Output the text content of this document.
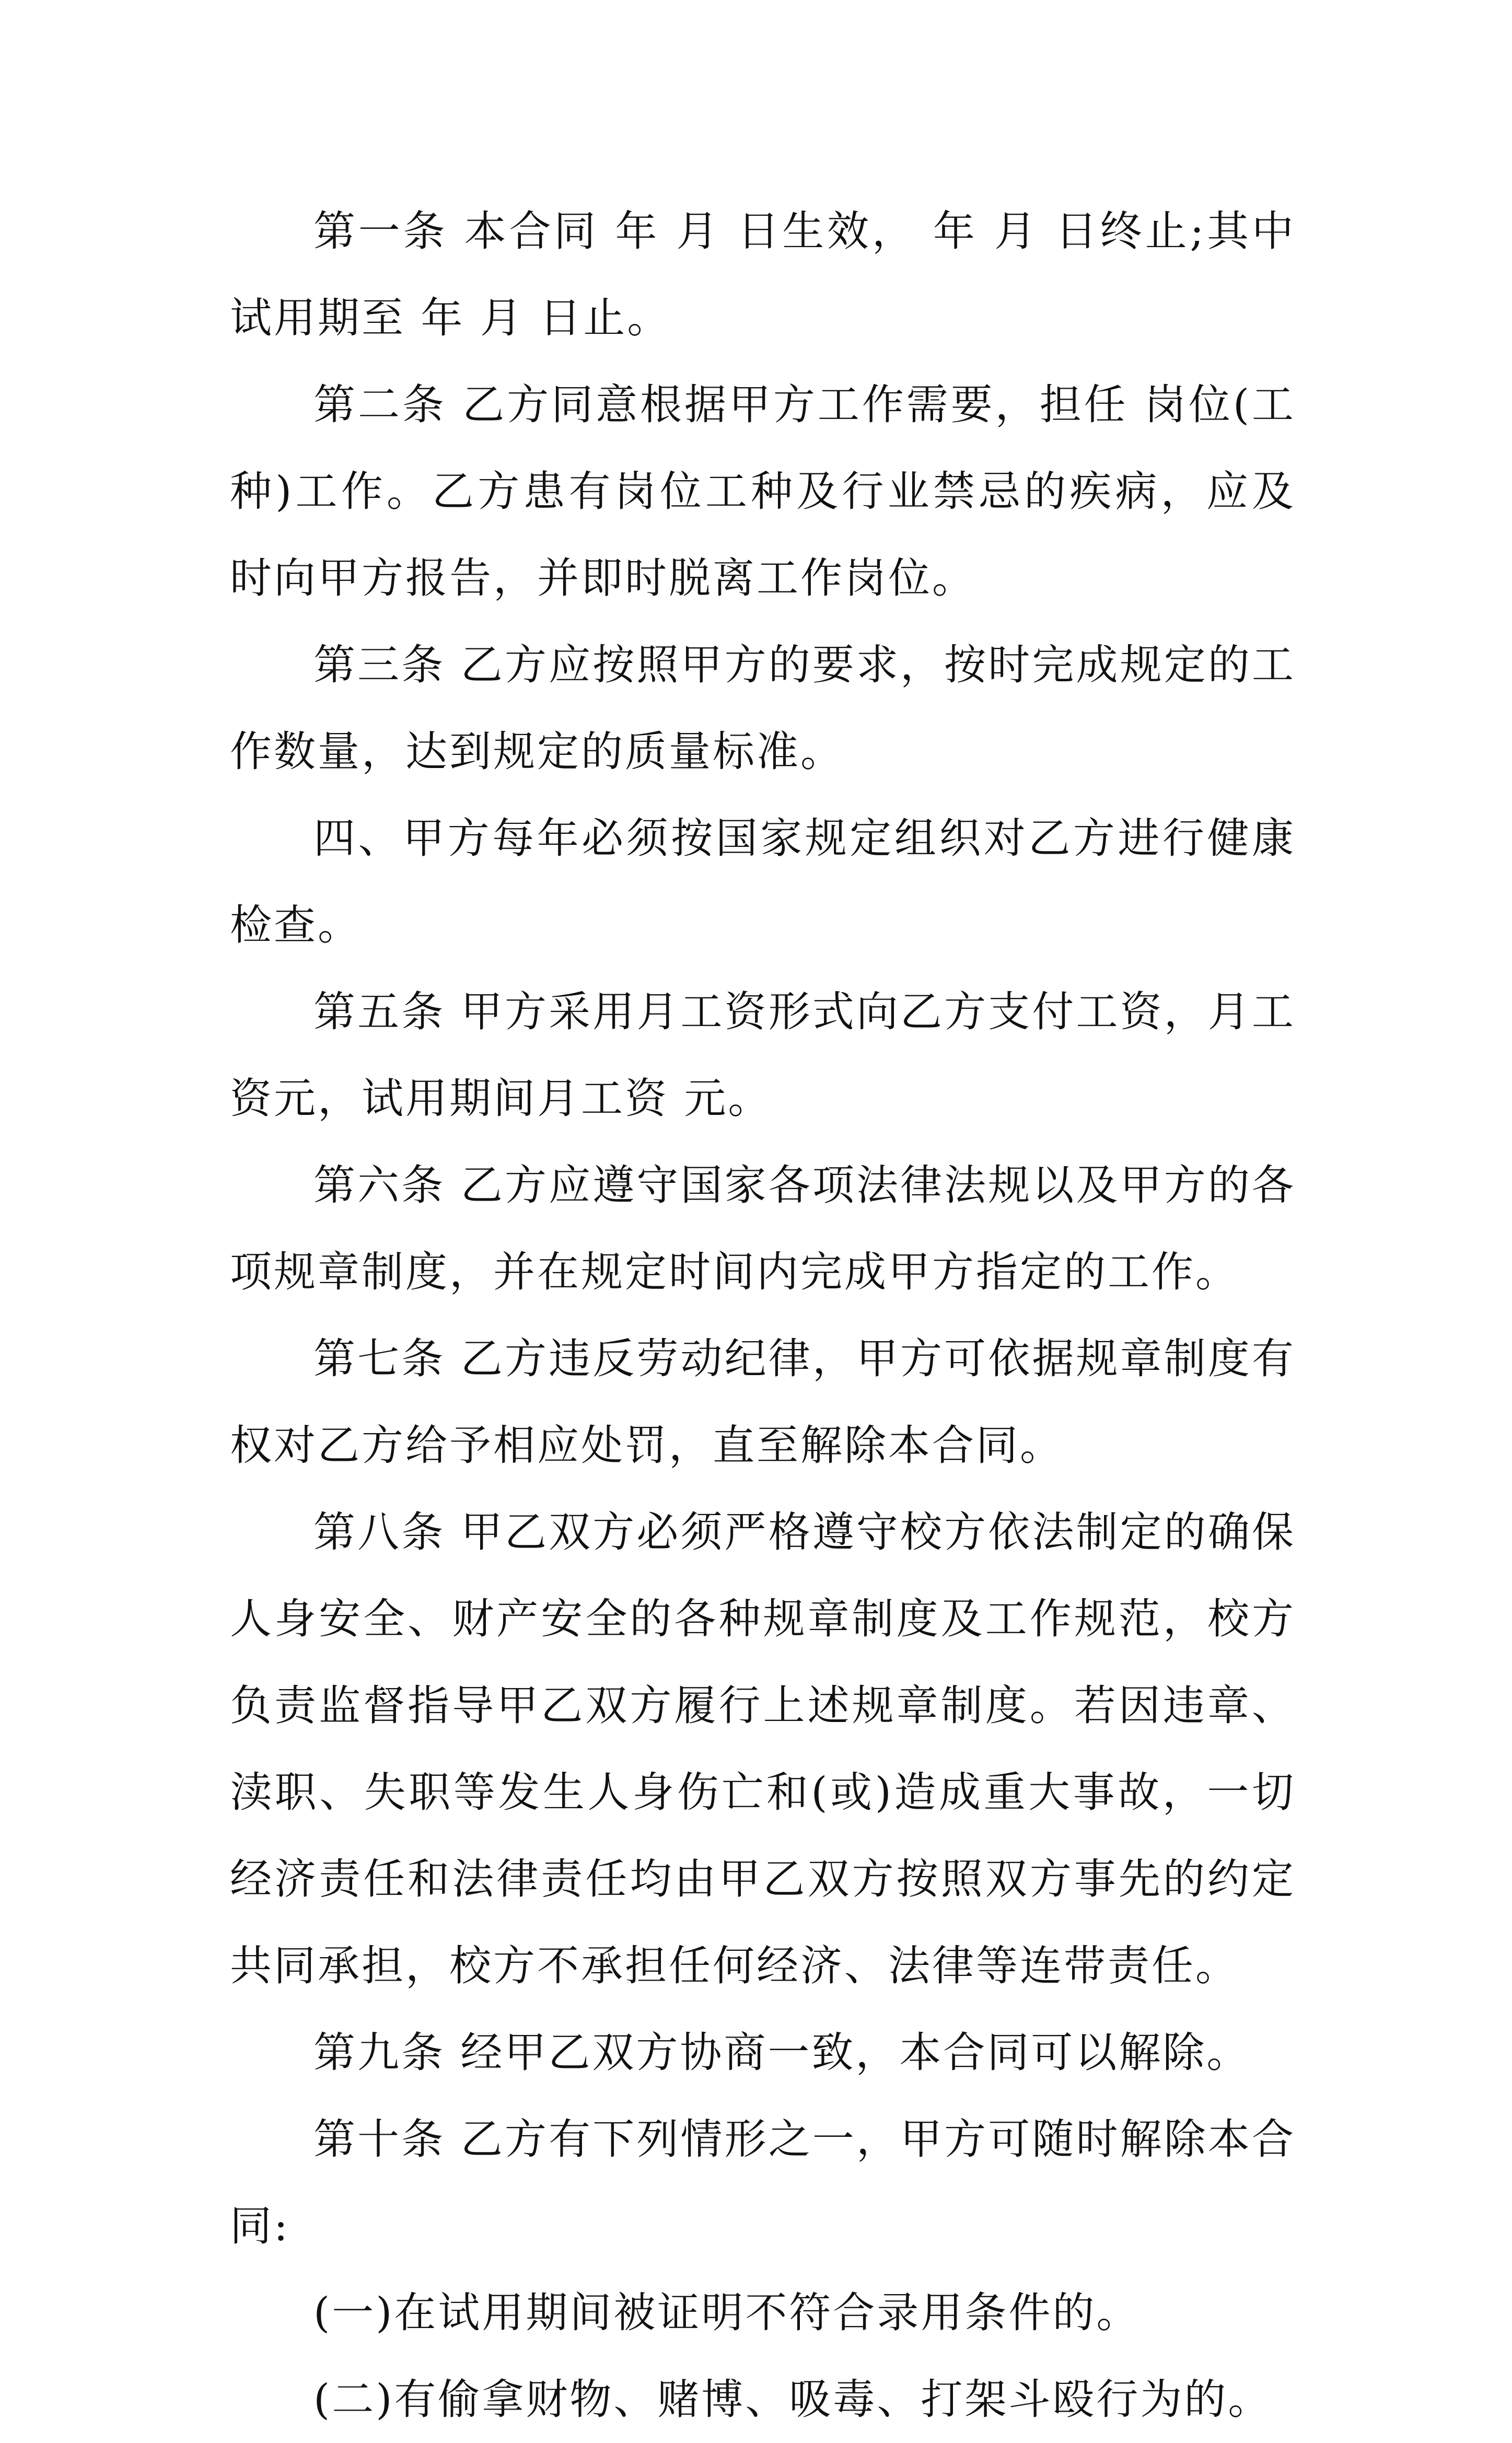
第一条 本合同 年 月 日生效， 年 月 日终止;其中试用期至 年 月 日止。

第二条 乙方同意根据甲方工作需要，担任 岗位(工种)工作。乙方患有岗位工种及行业禁忌的疾病，应及时向甲方报告，并即时脱离工作岗位。

第三条 乙方应按照甲方的要求，按时完成规定的工作数量，达到规定的质量标准。

四、甲方每年必须按国家规定组织对乙方进行健康检查。

第五条 甲方采用月工资形式向乙方支付工资，月工资元，试用期间月工资 元。

第六条 乙方应遵守国家各项法律法规以及甲方的各项规章制度，并在规定时间内完成甲方指定的工作。

第七条 乙方违反劳动纪律，甲方可依据规章制度有权对乙方给予相应处罚，直至解除本合同。

第八条 甲乙双方必须严格遵守校方依法制定的确保人身安全、财产安全的各种规章制度及工作规范，校方负责监督指导甲乙双方履行上述规章制度。若因违章、渎职、失职等发生人身伤亡和(或)造成重大事故，一切经济责任和法律责任均由甲乙双方按照双方事先的约定共同承担，校方不承担任何经济、法律等连带责任。

第九条 经甲乙双方协商一致，本合同可以解除。

第十条 乙方有下列情形之一，甲方可随时解除本合同:

(一)在试用期间被证明不符合录用条件的。

(二)有偷拿财物、赌博、吸毒、打架斗殴行为的。
